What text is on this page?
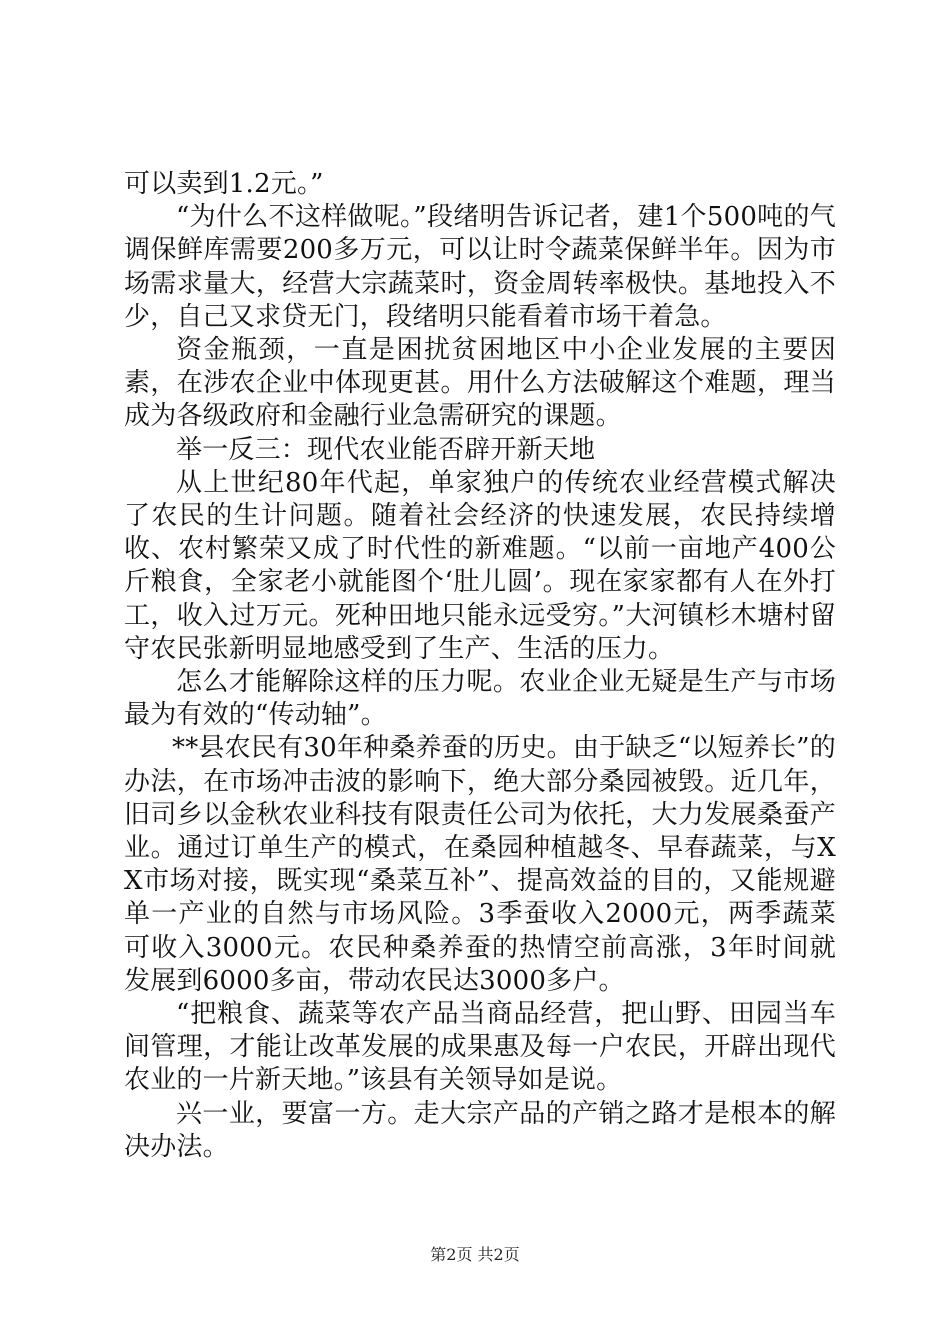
可以卖到1.2元。”

“为什么不这样做呢。”段绪明告诉记者，建1个500吨的气调保鲜库需要200多万元，可以让时令蔬菜保鲜半年。因为市场需求量大，经营大宗蔬菜时，资金周转率极快。基地投入不少，自己又求贷无门，段绪明只能看着市场干着急。

资金瓶颈，一直是困扰贫困地区中小企业发展的主要因素，在涉农企业中体现更甚。用什么方法破解这个难题，理当成为各级政府和金融行业急需研究的课题。

举一反三：现代农业能否辟开新天地

从上世纪80年代起，单家独户的传统农业经营模式解决了农民的生计问题。随着社会经济的快速发展，农民持续增收、农村繁荣又成了时代性的新难题。“以前一亩地产400公斤粮食，全家老小就能图个‘肚儿圆’。现在家家都有人在外打工，收入过万元。死种田地只能永远受穷。”大河镇杉木塘村留守农民张新明显地感受到了生产、生活的压力。

怎么才能解除这样的压力呢。农业企业无疑是生产与市场最为有效的“传动轴”。

**县农民有30年种桑养蚕的历史。由于缺乏“以短养长”的办法，在市场冲击波的影响下，绝大部分桑园被毁。近几年，旧司乡以金秋农业科技有限责任公司为依托，大力发展桑蚕产业。通过订单生产的模式，在桑园种植越冬、早春蔬菜，与XX市场对接，既实现“桑菜互补”、提高效益的目的，又能规避单一产业的自然与市场风险。3季蚕收入2000元，两季蔬菜可收入3000元。农民种桑养蚕的热情空前高涨，3年时间就发展到6000多亩，带动农民达3000多户。

“把粮食、蔬菜等农产品当商品经营，把山野、田园当车间管理，才能让改革发展的成果惠及每一户农民，开辟出现代农业的一片新天地。”该县有关领导如是说。

兴一业，要富一方。走大宗产品的产销之路才是根本的解决办法。

第2页 共2页
